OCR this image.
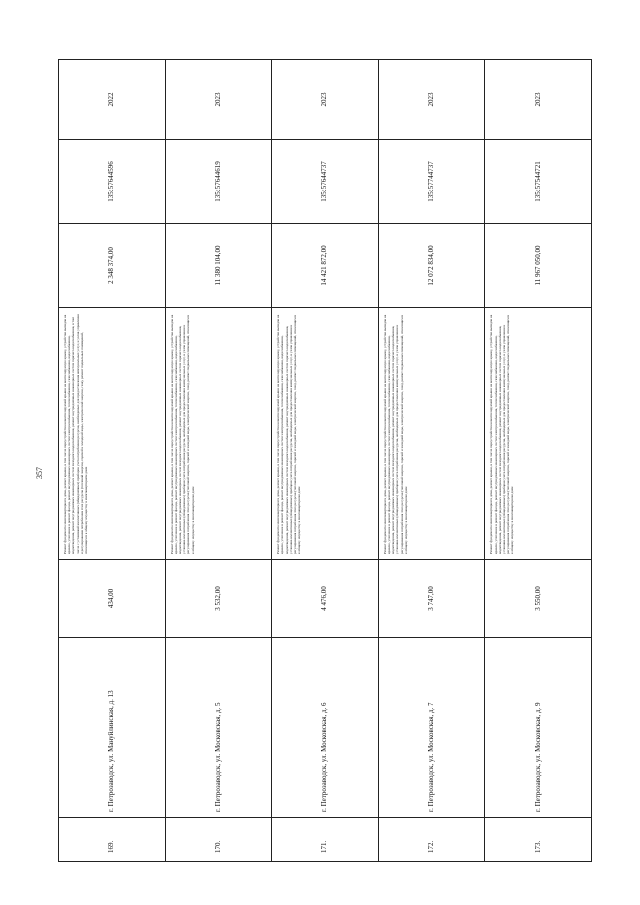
357
169.	г. Петрозаводск, ул. Мануйлинская, д. 13	434,00	Ремонт фундамента многоквартирного дома, ремонт крыши, в том числе переустройство невентилируемой крыши на вентилируемую крышу, устройство выходов на кровлю, утепление и ремонт фасада, ремонт внутридомовых инженерных систем электроснабжения, теплоснабжения, газоснабжения, водоснабжения, водоотведения, ремонт внутридомовых инженерных систем холодного водоснабжения, ремонт внутридомовых инженерных систем горячего водоснабжения, в том числе с установкой коллективных (общедомовых) приборов учета потребления ресурсов, необходимых для предоставления коммунальных услуг, и узлов управления и регулирования потребления этих ресурсов (тепловой энергии, горячей и холодной воды, электрической энергии, газа), ремонт подвальных помещений, относящихся к общему имуществу в многоквартирном доме	2 348 374,00	135:57644596	2022
170.	г. Петрозаводск, ул. Московская, д. 5	3 532,00	Ремонт фундамента многоквартирного дома, ремонт крыши, в том числе переустройство невентилируемой крыши на вентилируемую крышу, устройство выходов на кровлю, утепление и ремонт фасада, ремонт внутридомовых инженерных систем электроснабжения, теплоснабжения, газоснабжения, водоснабжения, водоотведения, ремонт внутридомовых инженерных систем холодного водоснабжения, ремонт внутридомовых инженерных систем горячего водоснабжения, установка коллективных (общедомовых) приборов учета потребления ресурсов, необходимых для предоставления коммунальных услуг, и узлов управления и регулирования потребления этих ресурсов (тепловой энергии, горячей и холодной воды, электрической энергии, газа), ремонт подвальных помещений, относящихся к общему имуществу в многоквартирном доме	11 380 104,00	135:57644619	2023
171.	г. Петрозаводск, ул. Московская, д. 6	4 476,00	Ремонт фундамента многоквартирного дома, ремонт крыши, в том числе переустройство невентилируемой крыши на вентилируемую крышу, устройство выходов на кровлю, утепление и ремонт фасада, ремонт внутридомовых инженерных систем электроснабжения, теплоснабжения, газоснабжения, водоснабжения, водоотведения, ремонт внутридомовых инженерных систем холодного водоснабжения, ремонт внутридомовых инженерных систем горячего водоснабжения, установка коллективных (общедомовых) приборов учета потребления ресурсов, необходимых для предоставления коммунальных услуг, и узлов управления и регулирования потребления этих ресурсов (тепловой энергии, горячей и холодной воды, электрической энергии, газа), ремонт подвальных помещений, относящихся к общему имуществу в многоквартирном доме	14 421 872,00	135:57644737	2023
172.	г. Петрозаводск, ул. Московская, д. 7	3 747,00	Ремонт фундамента многоквартирного дома, ремонт крыши, в том числе переустройство невентилируемой крыши на вентилируемую крышу, устройство выходов на кровлю, утепление и ремонт фасада, ремонт внутридомовых инженерных систем электроснабжения, теплоснабжения, газоснабжения, водоснабжения, водоотведения, ремонт внутридомовых инженерных систем холодного водоснабжения, ремонт внутридомовых инженерных систем горячего водоснабжения, установка коллективных (общедомовых) приборов учета потребления ресурсов, необходимых для предоставления коммунальных услуг, и узлов управления и регулирования потребления этих ресурсов (тепловой энергии, горячей и холодной воды, электрической энергии, газа), ремонт подвальных помещений, относящихся к общему имуществу в многоквартирном доме	12 072 834,00	135:57744737	2023
173.	г. Петрозаводск, ул. Московская, д. 9	3 550,00	Ремонт фундамента многоквартирного дома, ремонт крыши, в том числе переустройство невентилируемой крыши на вентилируемую крышу, устройство выходов на кровлю, утепление и ремонт фасада, ремонт внутридомовых инженерных систем электроснабжения, теплоснабжения, газоснабжения, водоснабжения, водоотведения, ремонт внутридомовых инженерных систем холодного водоснабжения, ремонт внутридомовых инженерных систем горячего водоснабжения, установка коллективных (общедомовых) приборов учета потребления ресурсов, необходимых для предоставления коммунальных услуг, и узлов управления и регулирования потребления этих ресурсов (тепловой энергии, горячей и холодной воды, электрической энергии, газа), ремонт подвальных помещений, относящихся к общему имуществу в многоквартирном доме	11 967 050,00	135:57544721	2023
